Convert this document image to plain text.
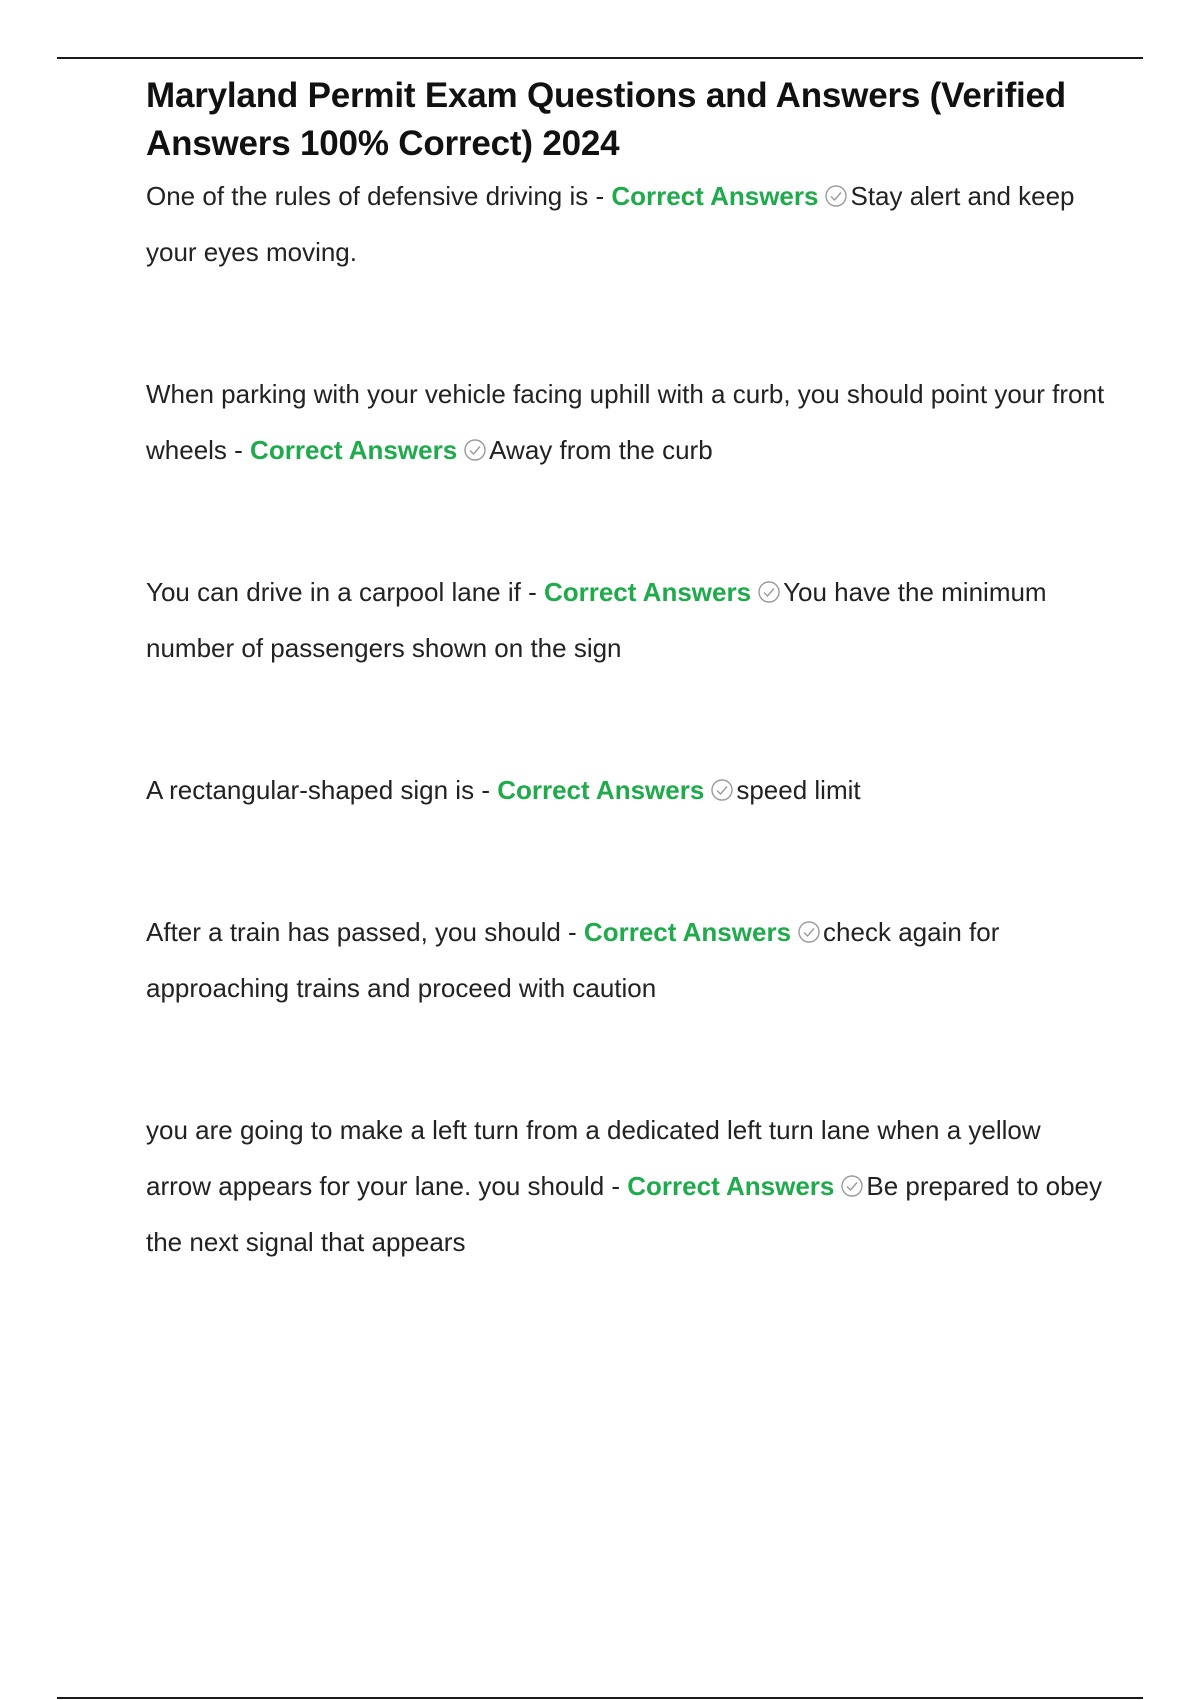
Maryland Permit Exam Questions and Answers (Verified Answers 100% Correct) 2024

One of the rules of defensive driving is - Correct Answers Stay alert and keep your eyes moving.

When parking with your vehicle facing uphill with a curb, you should point your front wheels - Correct Answers Away from the curb

You can drive in a carpool lane if - Correct Answers You have the minimum number of passengers shown on the sign

A rectangular-shaped sign is - Correct Answers speed limit

After a train has passed, you should - Correct Answers check again for approaching trains and proceed with caution

you are going to make a left turn from a dedicated left turn lane when a yellow arrow appears for your lane. you should - Correct Answers Be prepared to obey the next signal that appears
